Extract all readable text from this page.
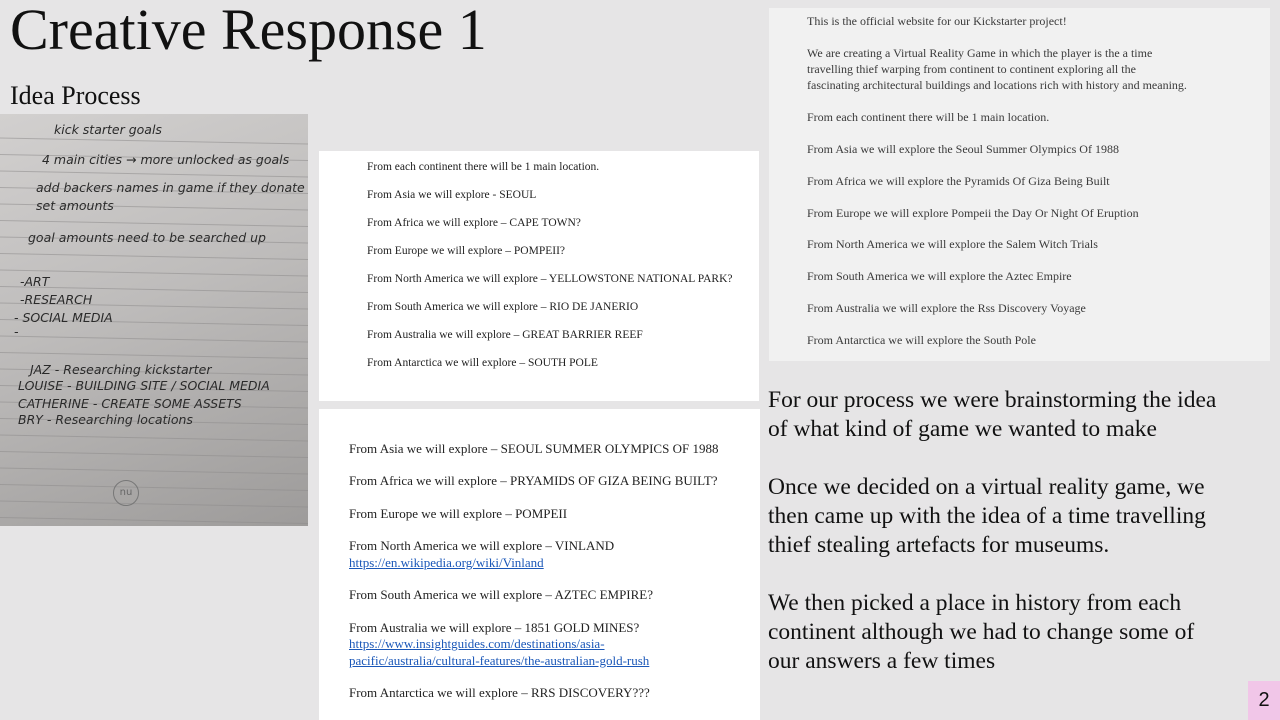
Creative Response 1
Idea Process
kick starter goals
4 main cities → more unlocked as goals
add backers names in game if they donate
set amounts
goal amounts need to be searched up
-ART
-RESEARCH
- SOCIAL MEDIA
-
JAZ - Researching kickstarter
LOUISE - BUILDING SITE / SOCIAL MEDIA
CATHERINE - CREATE SOME ASSETS
BRY - Researching locations
nu
From each continent there will be 1 main location.
From Asia we will explore - SEOUL
From Africa we will explore – CAPE TOWN?
From Europe we will explore – POMPEII?
From North America we will explore – YELLOWSTONE NATIONAL PARK?
From South America we will explore – RIO DE JANERIO
From Australia we will explore – GREAT BARRIER REEF
From Antarctica we will explore – SOUTH POLE
From Asia we will explore – SEOUL SUMMER OLYMPICS OF 1988
From Africa we will explore – PRYAMIDS OF GIZA BEING BUILT?
From Europe we will explore – POMPEII
From North America we will explore – VINLAND
https://en.wikipedia.org/wiki/Vinland
From South America we will explore – AZTEC EMPIRE?
From Australia we will explore – 1851 GOLD MINES?
https://www.insightguides.com/destinations/asia-
pacific/australia/cultural-features/the-australian-gold-rush
From Antarctica we will explore – RRS DISCOVERY???
This is the official website for our Kickstarter project!
We are creating a Virtual Reality Game in which the player is the a time
travelling thief warping from continent to continent exploring all the
fascinating architectural buildings and locations rich with history and meaning.
From each continent there will be 1 main location.
From Asia we will explore the Seoul Summer Olympics Of 1988
From Africa we will explore the Pyramids Of Giza Being Built
From Europe we will explore Pompeii the Day Or Night Of Eruption
From North America we will explore the Salem Witch Trials
From South America we will explore the Aztec Empire
From Australia we will explore the Rss Discovery Voyage
From Antarctica we will explore the South Pole

For our process we were brainstorming the idea
of what kind of game we wanted to make

Once we decided on a virtual reality game, we
then came up with the idea of a time travelling
thief stealing artefacts for museums.

We then picked a place in history from each
continent although we had to change some of
our answers a few times

2
